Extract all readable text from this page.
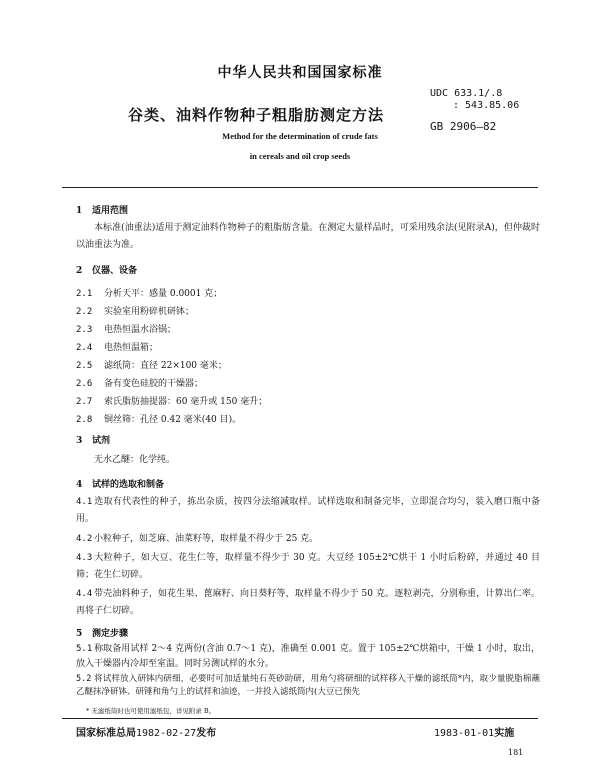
中华人民共和国国家标准
谷类、油料作物种子粗脂肪测定方法
UDC 633.1/.8
: 543.85.06
GB 2906—82
Method for the determination of crude fats
in cereals and oil crop seeds
1 适用范围
本标准(油重法)适用于测定油料作物种子的粗脂肪含量。在测定大量样品时，可采用残余法(见附录A)，但仲裁时以油重法为准。
2 仪器、设备
2.1 分析天平：感量 0.0001 克；
2.2 实验室用粉碎机研钵；
2.3 电热恒温水浴锅；
2.4 电热恒温箱；
2.5 滤纸筒：直径 22×100 毫米；
2.6 备有变色硅胶的干燥器；
2.7 索氏脂肪抽提器：60 毫升或 150 毫升；
2.8 铜丝筛：孔径 0.42 毫米(40 目)。
3 试剂
无水乙醚：化学纯。
4 试样的选取和制备
4.1 选取有代表性的种子，拣出杂质，按四分法缩减取样。试样选取和制备完毕，立即混合均匀，装入磨口瓶中备用。
4.2 小粒种子，如芝麻、油菜籽等，取样量不得少于 25 克。
4.3 大粒种子，如大豆、花生仁等，取样量不得少于 30 克。大豆经 105±2℃烘干 1 小时后粉碎，并通过 40 目筛；花生仁切碎。
4.4 带壳油料种子，如花生果、蓖麻籽、向日葵籽等，取样量不得少于 50 克。逐粒剥壳，分别称重，计算出仁率。再将子仁切碎。
5 测定步骤
5.1 称取备用试样 2～4 克两份(含油 0.7～1 克)，准确至 0.001 克。置于 105±2℃烘箱中，干燥 1 小时，取出，放入干燥器内冷却至室温。同时另测试样的水分。
5.2 将试样放入研钵内研细，必要时可加适量纯石英砂助研，用角勺将研细的试样移入干燥的滤纸筒*内，取少量脱脂棉蘸乙醚抹净研钵、研锤和角勺上的试样和油迹，一并投入滤纸筒内(大豆已预先
* 无滤纸筒时也可使用滤纸包，详见附录 B。
国家标准总局1982-02-27发布	1983-01-01实施
181
